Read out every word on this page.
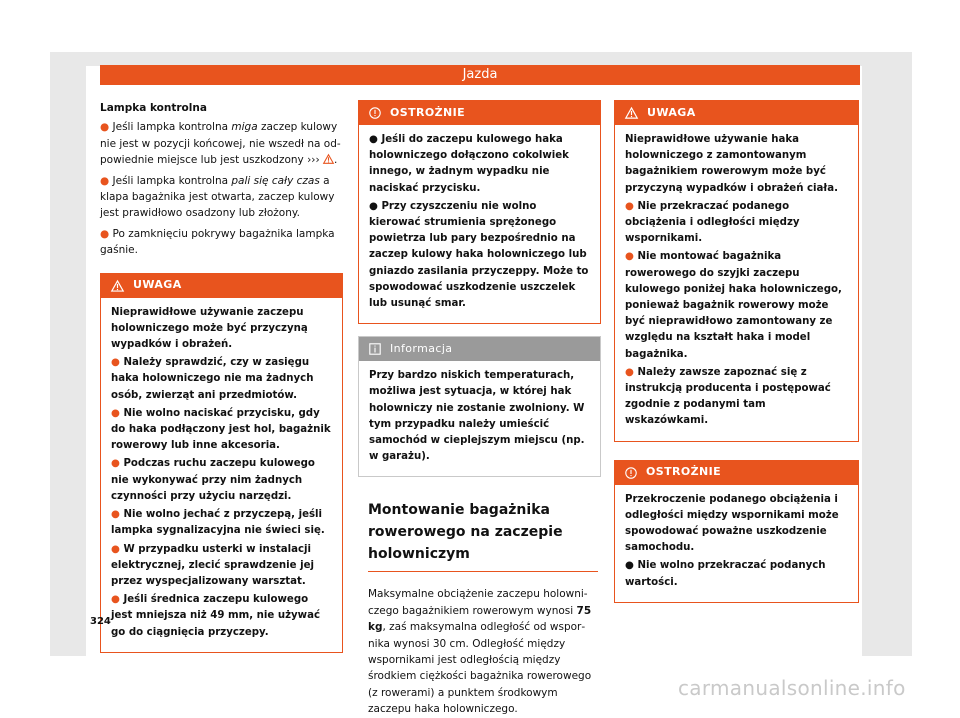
Jazda
Lampka kontrolna

● Jeśli lampka kontrolna miga zaczep kulowy nie jest w pozycji końcowej, nie wszedł na odpowiednie miejsce lub jest uszkodzony ››› .

● Jeśli lampka kontrolna pali się cały czas a klapa bagażnika jest otwarta, zaczep kulowy jest prawidłowo osadzony lub złożony.

● Po zamknięciu pokrywy bagażnika lampka gaśnie.

UWAGA

Nieprawidłowe używanie zaczepu holowniczego może być przyczyną wypadków i obrażeń.

● Należy sprawdzić, czy w zasięgu haka holowniczego nie ma żadnych osób, zwierząt ani przedmiotów.

● Nie wolno naciskać przycisku, gdy do haka podłączony jest hol, bagażnik rowerowy lub inne akcesoria.

● Podczas ruchu zaczepu kulowego nie wykonywać przy nim żadnych czynności przy użyciu narzędzi.

● Nie wolno jechać z przyczepą, jeśli lampka sygnalizacyjna nie świeci się.

● W przypadku usterki w instalacji elektrycznej, zlecić sprawdzenie jej przez wyspecjalizowany warsztat.

● Jeśli średnica zaczepu kulowego jest mniejsza niż 49 mm, nie używać go do ciągnięcia przyczepy.

OSTROŻNIE

● Jeśli do zaczepu kulowego haka holowniczego dołączono cokolwiek innego, w żadnym wypadku nie naciskać przycisku.

● Przy czyszczeniu nie wolno kierować strumienia sprężonego powietrza lub pary bezpośrednio na zaczep kulowy haka holowniczego lub gniazdo zasilania przyczeppy. Może to spowodować uszkodzenie uszczelek lub usunąć smar.

Informacja

Przy bardzo niskich temperaturach, możliwa jest sytuacja, w której hak holowniczy nie zostanie zwolniony. W tym przypadku należy umieścić samochód w cieplejszym miejscu (np. w garażu).

Montowanie bagażnika rowerowego na zaczepie holowniczym

Maksymalne obciążenie zaczepu holowniczego bagażnikiem rowerowym wynosi 75 kg, zaś maksymalna odległość od wspornika wynosi 30 cm. Odległość między wspornikami jest odległością między środkiem ciężkości bagażnika rowerowego (z rowerami) a punktem środkowym zaczepu haka holowniczego.

UWAGA

Nieprawidłowe używanie haka holowniczego z zamontowanym bagażnikiem rowerowym może być przyczyną wypadków i obrażeń ciała.

● Nie przekraczać podanego obciążenia i odległości między wspornikami.

● Nie montować bagażnika rowerowego do szyjki zaczepu kulowego poniżej haka holowniczego, ponieważ bagażnik rowerowy może być nieprawidłowo zamontowany ze względu na kształt haka i model bagażnika.

● Należy zawsze zapoznać się z instrukcją producenta i postępować zgodnie z podanymi tam wskazówkami.

OSTROŻNIE

Przekroczenie podanego obciążenia i odległości między wspornikami może spowodować poważne uszkodzenie samochodu.

● Nie wolno przekraczać podanych wartości.

324
carmanualsonline.info
